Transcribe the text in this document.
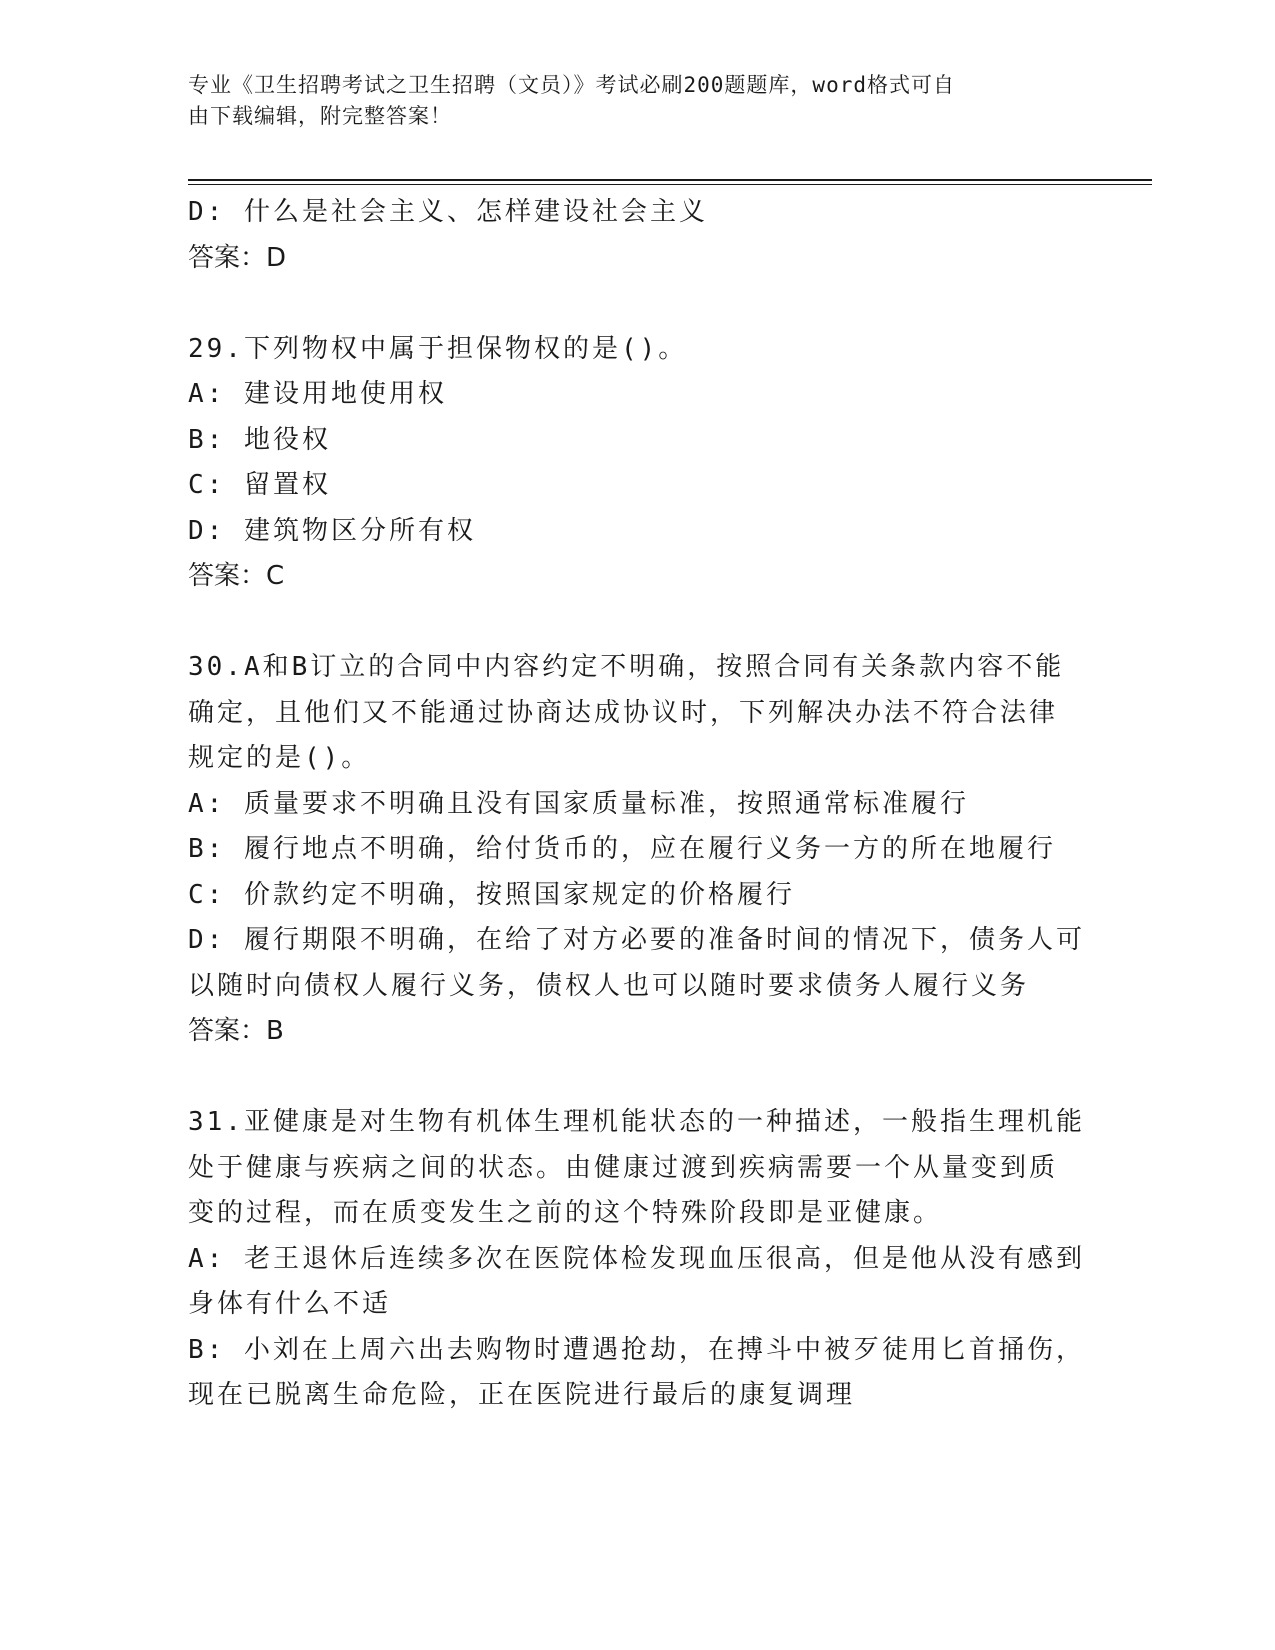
专业《卫生招聘考试之卫生招聘（文员）》考试必刷200题题库，word格式可自
由下载编辑，附完整答案！
D: 什么是社会主义、怎样建设社会主义
答案：D
29.下列物权中属于担保物权的是()。
A: 建设用地使用权
B: 地役权
C: 留置权
D: 建筑物区分所有权
答案：C
30.A和B订立的合同中内容约定不明确，按照合同有关条款内容不能
确定，且他们又不能通过协商达成协议时，下列解决办法不符合法律
规定的是()。
A: 质量要求不明确且没有国家质量标准，按照通常标准履行
B: 履行地点不明确，给付货币的，应在履行义务一方的所在地履行
C: 价款约定不明确，按照国家规定的价格履行
D: 履行期限不明确，在给了对方必要的准备时间的情况下，债务人可
以随时向债权人履行义务，债权人也可以随时要求债务人履行义务
答案：B
31.亚健康是对生物有机体生理机能状态的一种描述，一般指生理机能
处于健康与疾病之间的状态。由健康过渡到疾病需要一个从量变到质
变的过程，而在质变发生之前的这个特殊阶段即是亚健康。
A: 老王退休后连续多次在医院体检发现血压很高，但是他从没有感到
身体有什么不适
B: 小刘在上周六出去购物时遭遇抢劫，在搏斗中被歹徒用匕首捅伤，
现在已脱离生命危险，正在医院进行最后的康复调理
